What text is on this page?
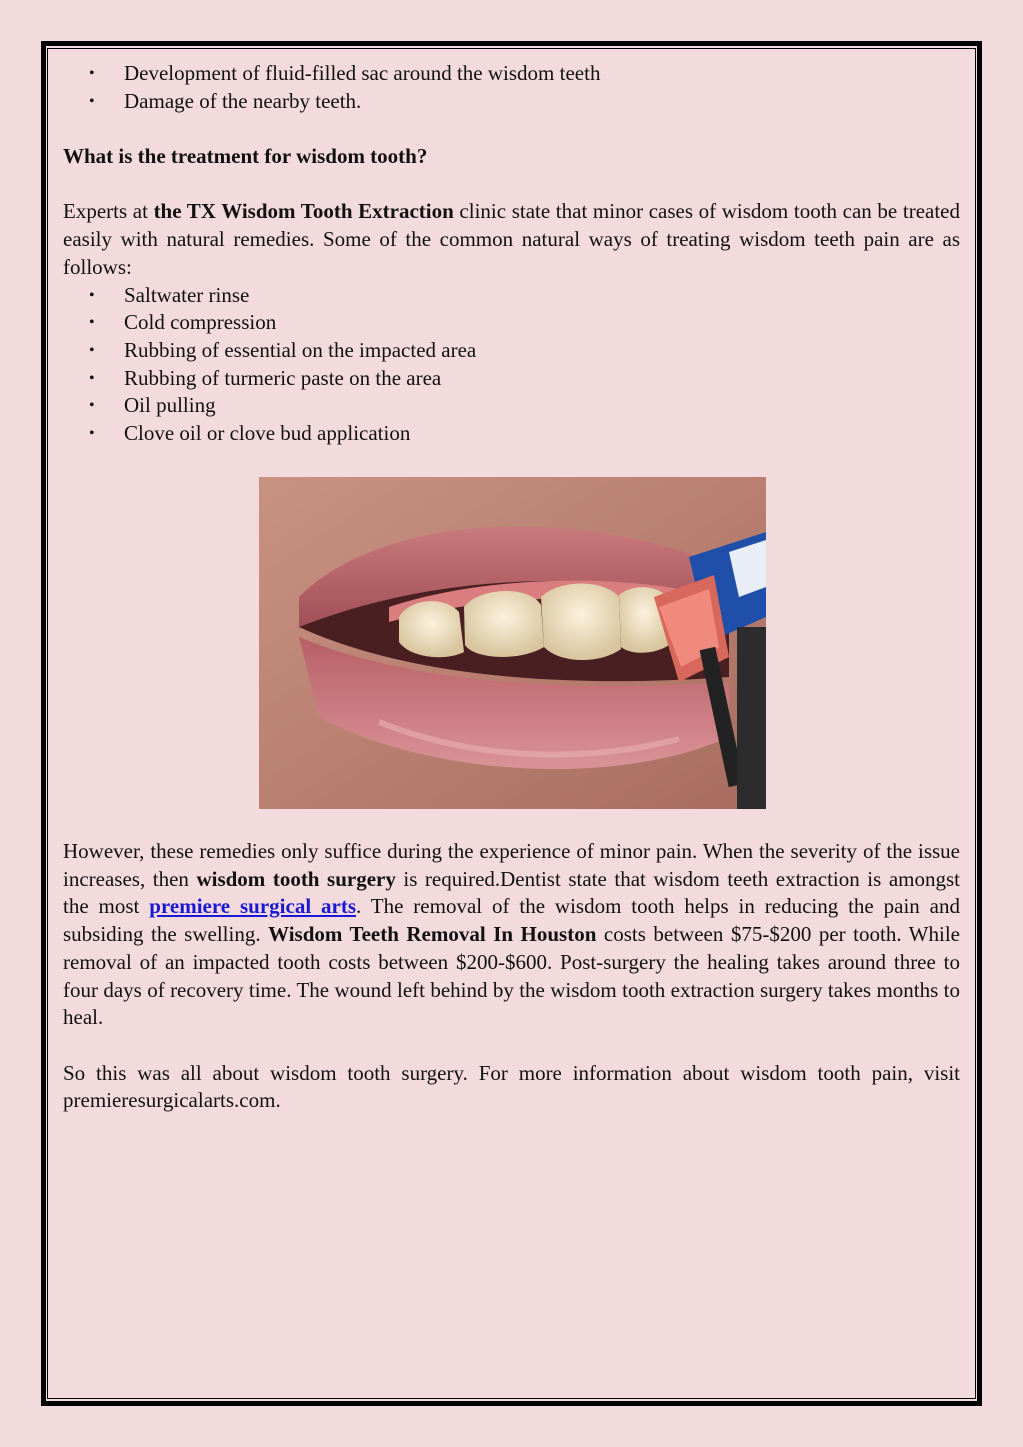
• Development of fluid-filled sac around the wisdom teeth
• Damage of the nearby teeth.

What is the treatment for wisdom tooth?

Experts at the TX Wisdom Tooth Extraction clinic state that minor cases of wisdom tooth can be treated easily with natural remedies. Some of the common natural ways of treating wisdom teeth pain are as follows:

• Saltwater rinse
• Cold compression
• Rubbing of essential on the impacted area
• Rubbing of turmeric paste on the area
• Oil pulling
• Clove oil or clove bud application

However, these remedies only suffice during the experience of minor pain. When the severity of the issue increases, then wisdom tooth surgery is required.Dentist state that wisdom teeth extraction is amongst the most premiere surgical arts. The removal of the wisdom tooth helps in reducing the pain and subsiding the swelling. Wisdom Teeth Removal In Houston costs between $75-$200 per tooth. While removal of an impacted tooth costs between $200-$600. Post-surgery the healing takes around three to four days of recovery time. The wound left behind by the wisdom tooth extraction surgery takes months to heal.

So this was all about wisdom tooth surgery. For more information about wisdom tooth pain, visit premieresurgicalarts.com.
